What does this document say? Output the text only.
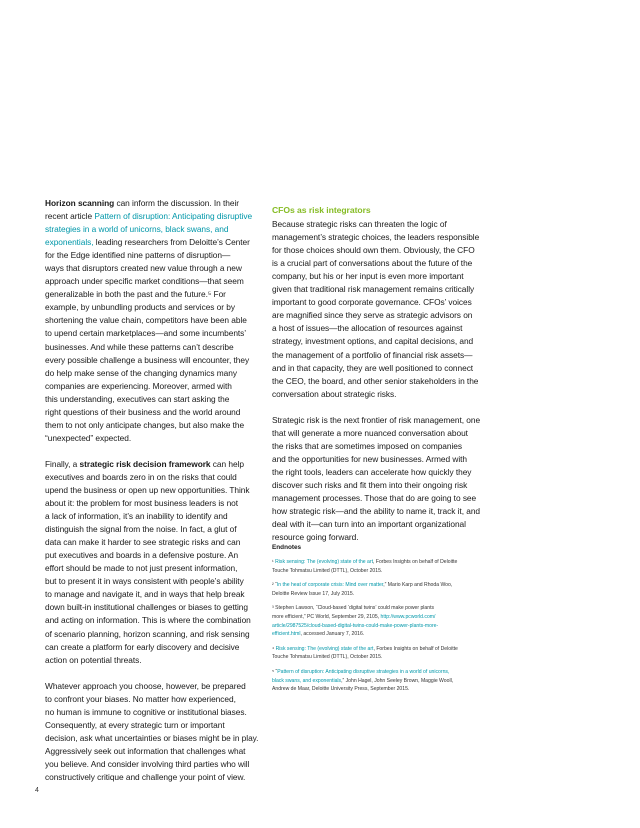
Horizon scanning can inform the discussion. In their
recent article Pattern of disruption: Anticipating disruptive
strategies in a world of unicorns, black swans, and
exponentials, leading researchers from Deloitte’s Center
for the Edge identified nine patterns of disruption—
ways that disruptors created new value through a new
approach under specific market conditions—that seem
generalizable in both the past and the future.⁵ For
example, by unbundling products and services or by
shortening the value chain, competitors have been able
to upend certain marketplaces—and some incumbents’
businesses. And while these patterns can’t describe
every possible challenge a business will encounter, they
do help make sense of the changing dynamics many
companies are experiencing. Moreover, armed with
this understanding, executives can start asking the
right questions of their business and the world around
them to not only anticipate changes, but also make the
“unexpected” expected.

Finally, a strategic risk decision framework can help
executives and boards zero in on the risks that could
upend the business or open up new opportunities. Think
about it: the problem for most business leaders is not
a lack of information, it’s an inability to identify and
distinguish the signal from the noise. In fact, a glut of
data can make it harder to see strategic risks and can
put executives and boards in a defensive posture. An
effort should be made to not just present information,
but to present it in ways consistent with people’s ability
to manage and navigate it, and in ways that help break
down built-in institutional challenges or biases to getting
and acting on information. This is where the combination
of scenario planning, horizon scanning, and risk sensing
can create a platform for early discovery and decisive
action on potential threats.

Whatever approach you choose, however, be prepared
to confront your biases. No matter how experienced,
no human is immune to cognitive or institutional biases.
Consequently, at every strategic turn or important
decision, ask what uncertainties or biases might be in play.
Aggressively seek out information that challenges what
you believe. And consider involving third parties who will
constructively critique and challenge your point of view.

CFOs as risk integrators

Because strategic risks can threaten the logic of
management’s strategic choices, the leaders responsible
for those choices should own them. Obviously, the CFO
is a crucial part of conversations about the future of the
company, but his or her input is even more important
given that traditional risk management remains critically
important to good corporate governance. CFOs’ voices
are magnified since they serve as strategic advisors on
a host of issues—the allocation of resources against
strategy, investment options, and capital decisions, and
the management of a portfolio of financial risk assets—
and in that capacity, they are well positioned to connect
the CEO, the board, and other senior stakeholders in the
conversation about strategic risks.

Strategic risk is the next frontier of risk management, one
that will generate a more nuanced conversation about
the risks that are sometimes imposed on companies
and the opportunities for new businesses. Armed with
the right tools, leaders can accelerate how quickly they
discover such risks and fit them into their ongoing risk
management processes. Those that do are going to see
how strategic risk—and the ability to name it, track it, and
deal with it—can turn into an important organizational
resource going forward.

Endnotes
¹ Risk sensing: The (evolving) state of the art, Forbes Insights on behalf of Deloitte
Touche Tohmatsu Limited (DTTL), October 2015.
² “In the heat of corporate crisis: Mind over matter,” Mario Karp and Rhoda Woo,
Deloitte Review Issue 17, July 2015.
³ Stephen Lawson, “Cloud-based ‘digital twins’ could make power plants
more efficient,” PC World, September 29, 2105, http://www.pcworld.com/
article/2987525/cloud-based-digital-twins-could-make-power-plants-more-
efficient.html, accessed January 7, 2016.
⁴ Risk sensing: The (evolving) state of the art, Forbes Insights on behalf of Deloitte
Touche Tohmatsu Limited (DTTL), October 2015.
⁵ “Pattern of disruption: Anticipating disruptive strategies in a world of unicorns,
black swans, and exponentials,” John Hagel, John Seeley Brown, Maggie Wooll,
Andrew de Maar, Deloitte University Press, September 2015.
4
